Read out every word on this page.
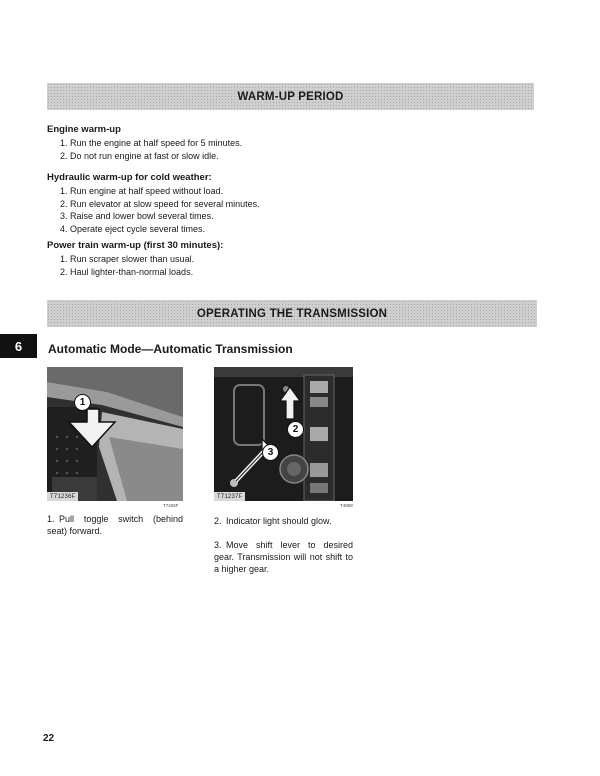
WARM-UP PERIOD
Engine warm-up
1. Run the engine at half speed for 5 minutes.
2. Do not run engine at fast or slow idle.
Hydraulic warm-up for cold weather:
1. Run engine at half speed without load.
2. Run elevator at slow speed for several minutes.
3. Raise and lower bowl several times.
4. Operate eject cycle several times.
Power train warm-up (first 30 minutes):
1. Run scraper slower than usual.
2. Haul lighter-than-normal loads.
OPERATING THE TRANSMISSION
6	Automatic Mode—Automatic Transmission
1
T71236F
T7426F
2
3
T71237F
T4958
1. Pull toggle switch (behind seat) forward.
2. Indicator light should glow.
3. Move shift lever to desired gear. Transmission will not shift to a higher gear.
22
